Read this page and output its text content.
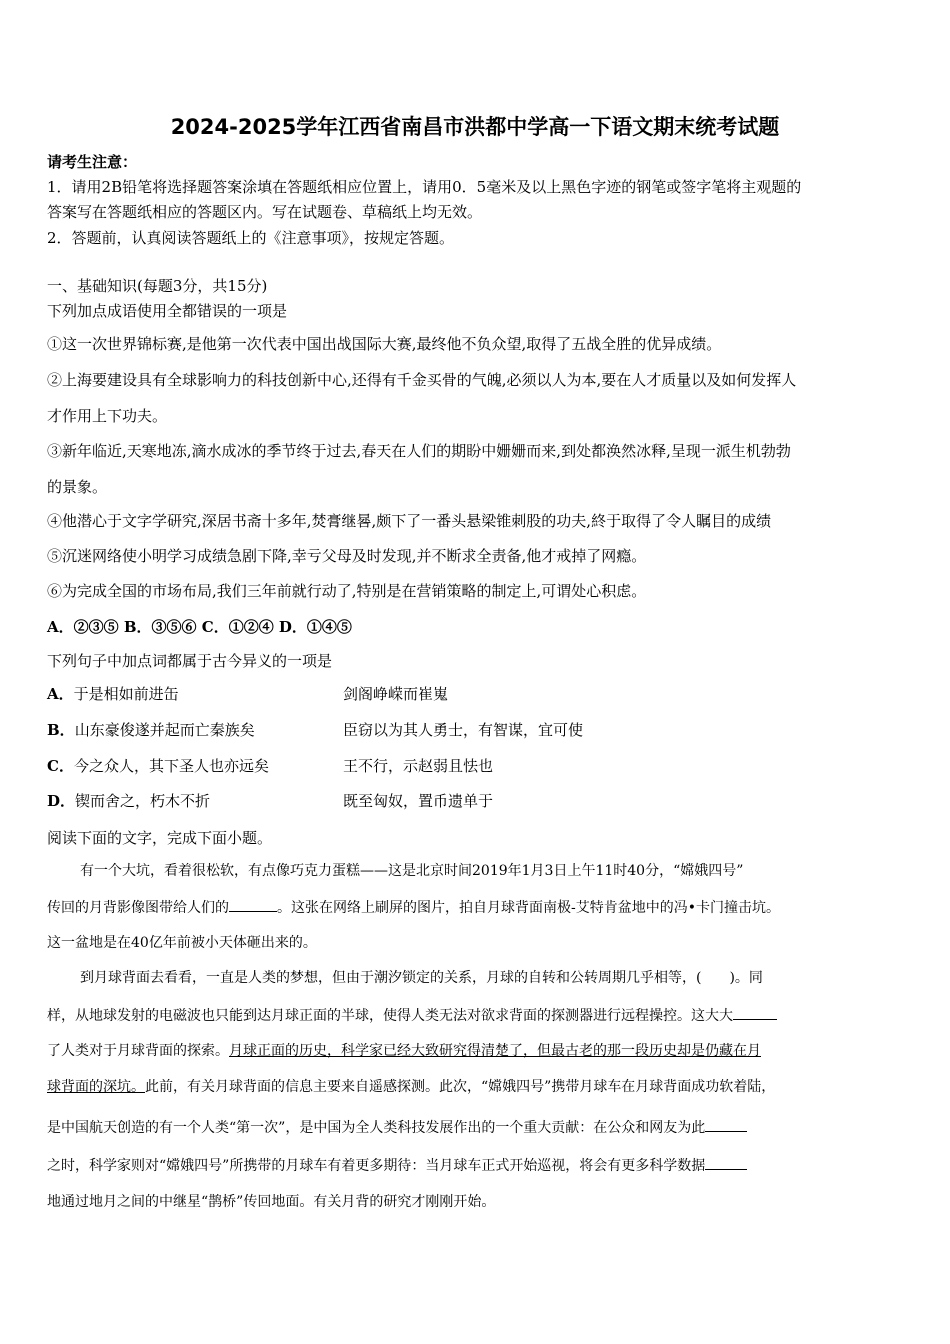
2024-2025学年江西省南昌市洪都中学高一下语文期末统考试题
请考生注意：
1．请用2B铅笔将选择题答案涂填在答题纸相应位置上，请用0．5毫米及以上黑色字迹的钢笔或签字笔将主观题的
答案写在答题纸相应的答题区内。写在试题卷、草稿纸上均无效。
2．答题前，认真阅读答题纸上的《注意事项》，按规定答题。
一、基础知识(每题3分，共15分)
下列加点成语使用全都错误的一项是
①这一次世界锦标赛,是他第一次代表中国出战国际大赛,最终他不负众望,取得了五战全胜的优异成绩。
②上海要建设具有全球影响力的科技创新中心,还得有千金买骨的气魄,必须以人为本,要在人才质量以及如何发挥人
才作用上下功夫。
③新年临近,天寒地冻,滴水成冰的季节终于过去,春天在人们的期盼中姗姗而来,到处都涣然冰释,呈现一派生机勃勃
的景象。
④他潜心于文字学研究,深居书斋十多年,焚膏继晷,颇下了一番头悬梁锥刺股的功夫,終于取得了令人瞩目的成绩
⑤沉迷网络使小明学习成绩急剧下降,幸亏父母及时发现,并不断求全责备,他才戒掉了网瘾。
⑥为完成全国的市场布局,我们三年前就行动了,特别是在营销策略的制定上,可谓处心积虑。
A．②③⑤ B．③⑤⑥ C．①②④ D．①④⑤
下列句子中加点词都属于古今异义的一项是
A．于是相如前进缶	剑阁峥嵘而崔嵬
B．山东豪俊遂并起而亡秦族矣	臣窃以为其人勇士，有智谋，宜可使
C．今之众人，其下圣人也亦远矣	王不行，示赵弱且怯也
D．锲而舍之，朽木不折	既至匈奴，置币遗单于
阅读下面的文字，完成下面小题。
有一个大坑，看着很松软，有点像巧克力蛋糕——这是北京时间2019年1月3日上午11时40分，“嫦娥四号”
传回的月背影像图带给人们的	。这张在网络上刷屏的图片，拍自月球背面南极-艾特肯盆地中的冯•卡门撞击坑。
这一盆地是在40亿年前被小天体砸出来的。
到月球背面去看看，一直是人类的梦想，但由于潮汐锁定的关系，月球的自转和公转周期几乎相等，(　　)。同
样，从地球发射的电磁波也只能到达月球正面的半球，使得人类无法对欲求背面的探测器进行远程操控。这大大
了人类对于月球背面的探索。月球正面的历史，科学家已经大致研究得清楚了，但最古老的那一段历史却是仍藏在月
球背面的深坑。此前，有关月球背面的信息主要来自遥感探测。此次，“嫦娥四号”携带月球车在月球背面成功软着陆，
是中国航天创造的有一个人类“第一次”，是中国为全人类科技发展作出的一个重大贡献：在公众和网友为此
之时，科学家则对“嫦娥四号”所携带的月球车有着更多期待：当月球车正式开始巡视，将会有更多科学数据
地通过地月之间的中继星“鹊桥”传回地面。有关月背的研究才刚刚开始。
